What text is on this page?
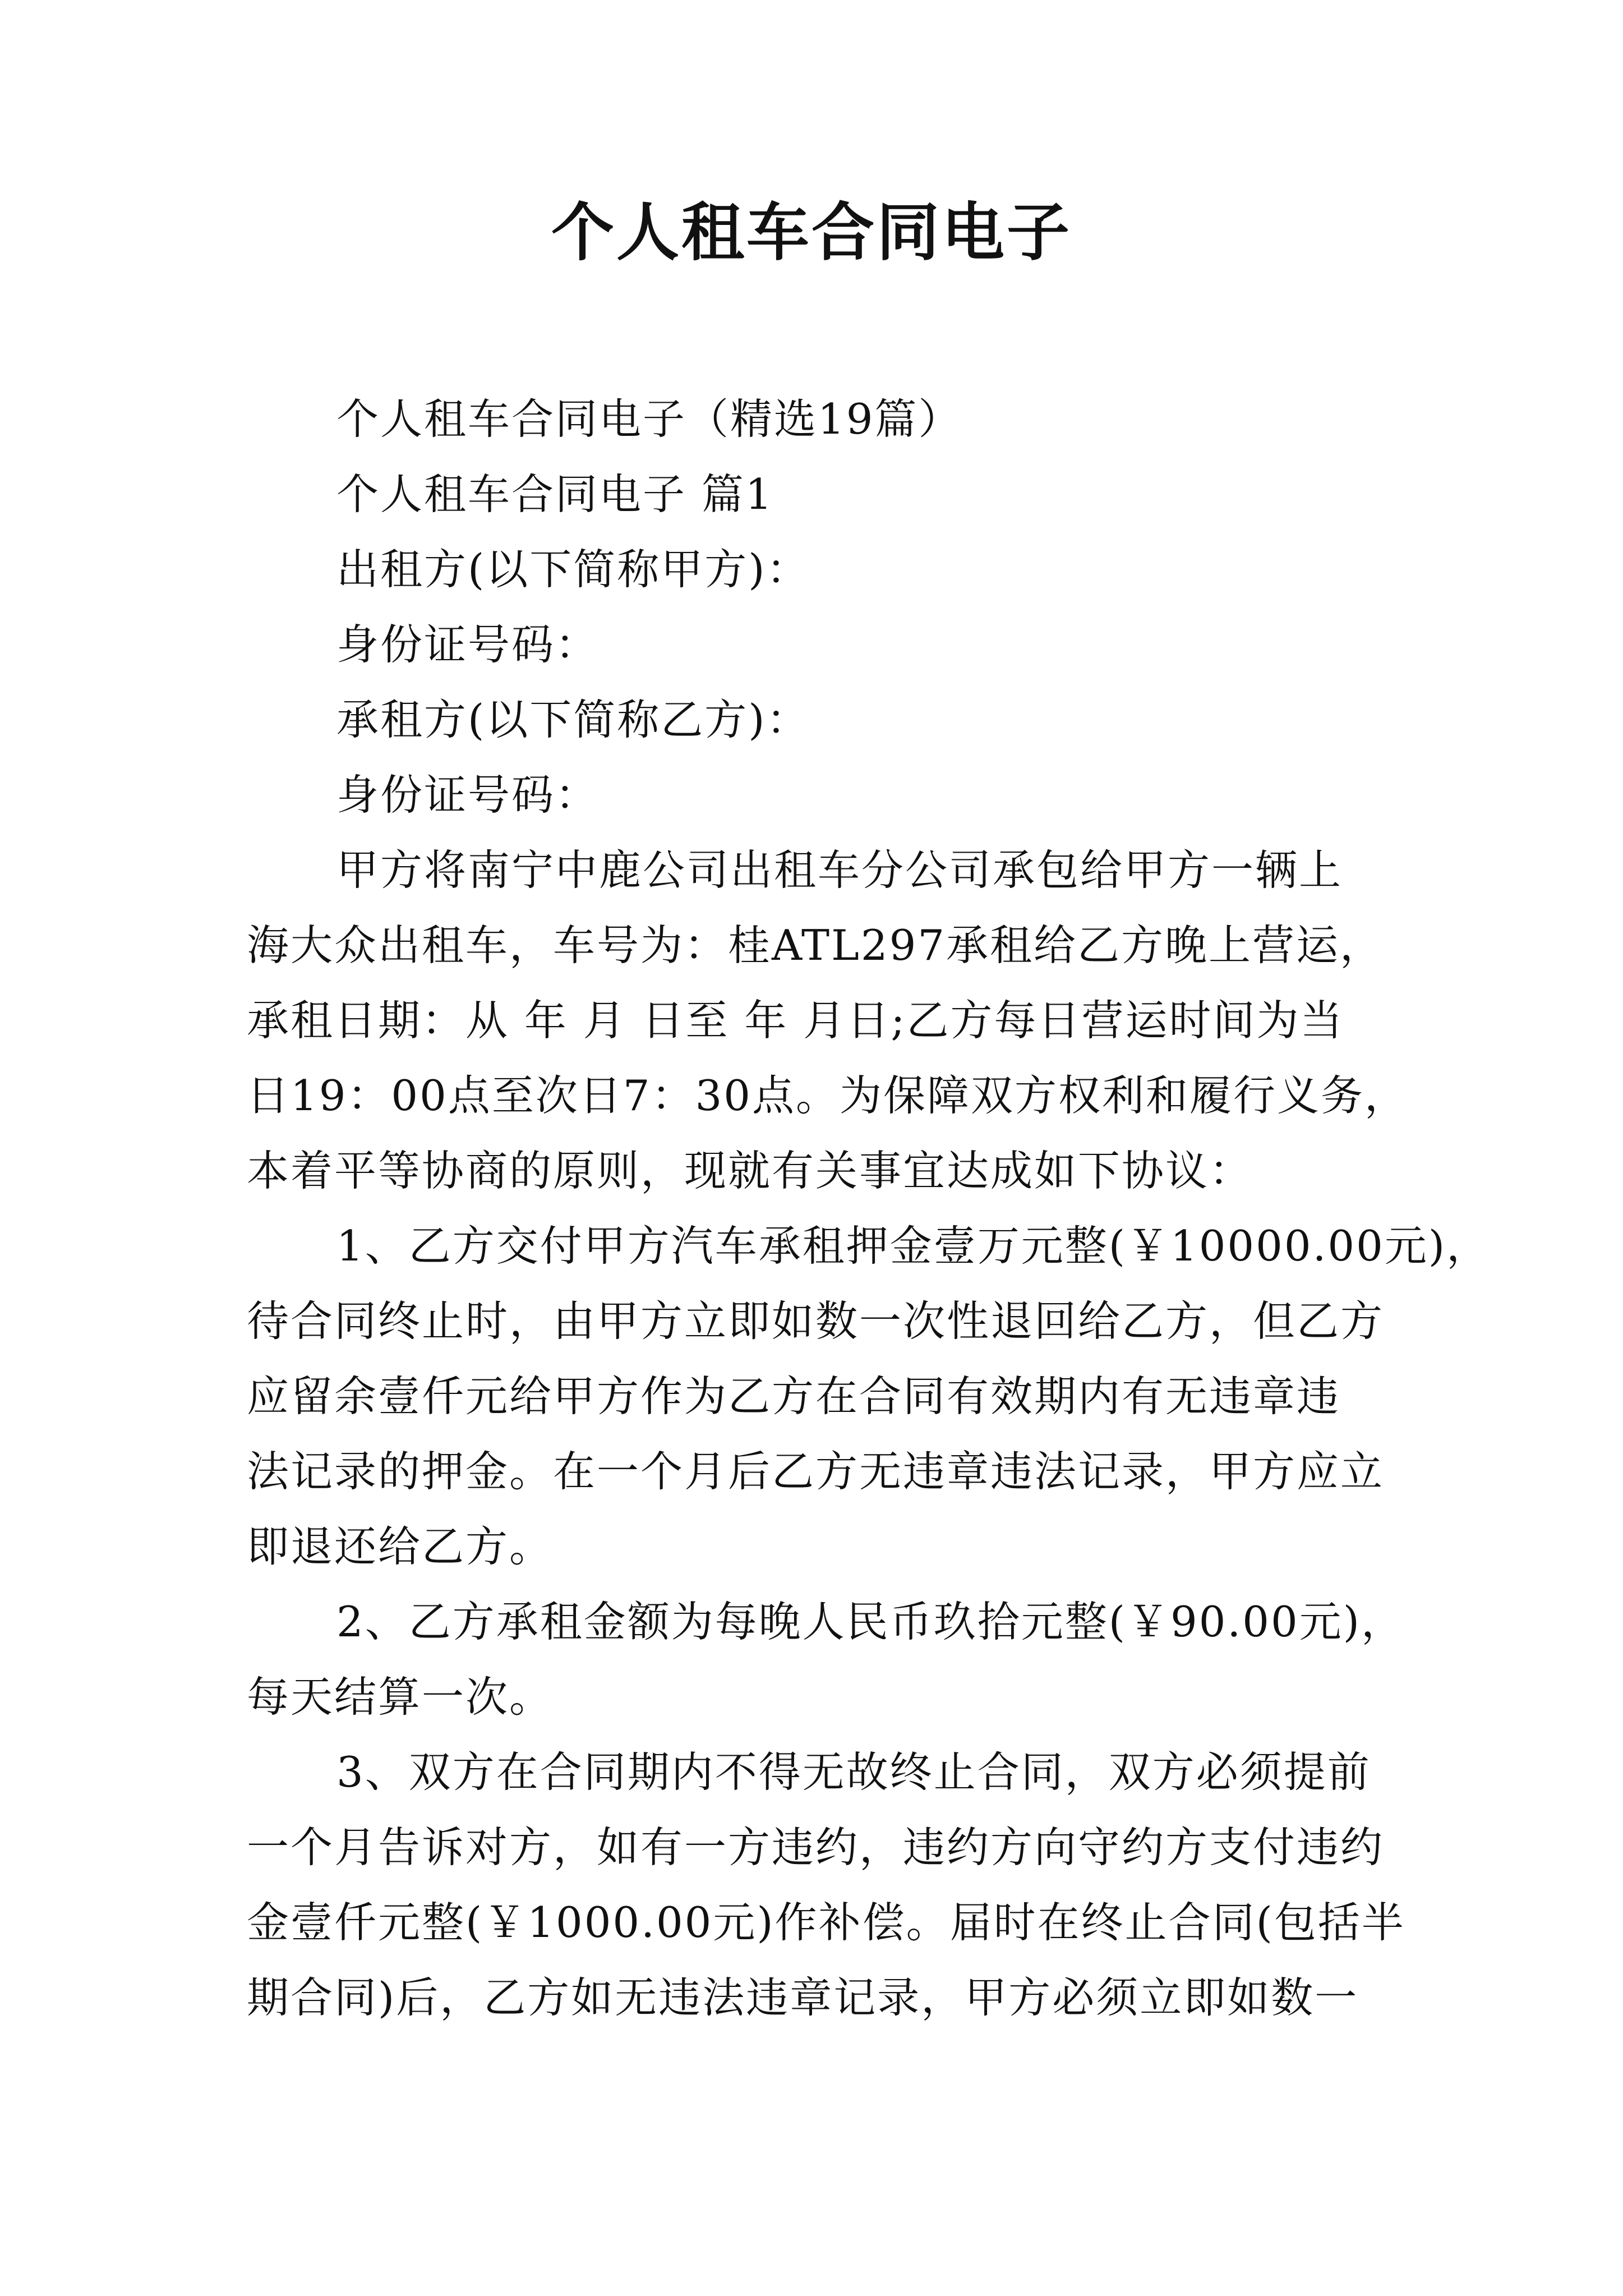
个人租车合同电子

个人租车合同电子（精选19篇）

个人租车合同电子 篇1

出租方(以下简称甲方)：

身份证号码：

承租方(以下简称乙方)：

身份证号码：

甲方将南宁中鹿公司出租车分公司承包给甲方一辆上

海大众出租车，车号为：桂ATL297承租给乙方晚上营运，

承租日期：从 年 月 日至 年 月日;乙方每日营运时间为当

日19：00点至次日7：30点。为保障双方权利和履行义务，

本着平等协商的原则，现就有关事宜达成如下协议：

1、乙方交付甲方汽车承租押金壹万元整(￥10000.00元)，

待合同终止时，由甲方立即如数一次性退回给乙方，但乙方

应留余壹仟元给甲方作为乙方在合同有效期内有无违章违

法记录的押金。在一个月后乙方无违章违法记录，甲方应立

即退还给乙方。

2、乙方承租金额为每晚人民币玖拾元整(￥90.00元)，

每天结算一次。

3、双方在合同期内不得无故终止合同，双方必须提前

一个月告诉对方，如有一方违约，违约方向守约方支付违约

金壹仟元整(￥1000.00元)作补偿。届时在终止合同(包括半

期合同)后，乙方如无违法违章记录，甲方必须立即如数一
